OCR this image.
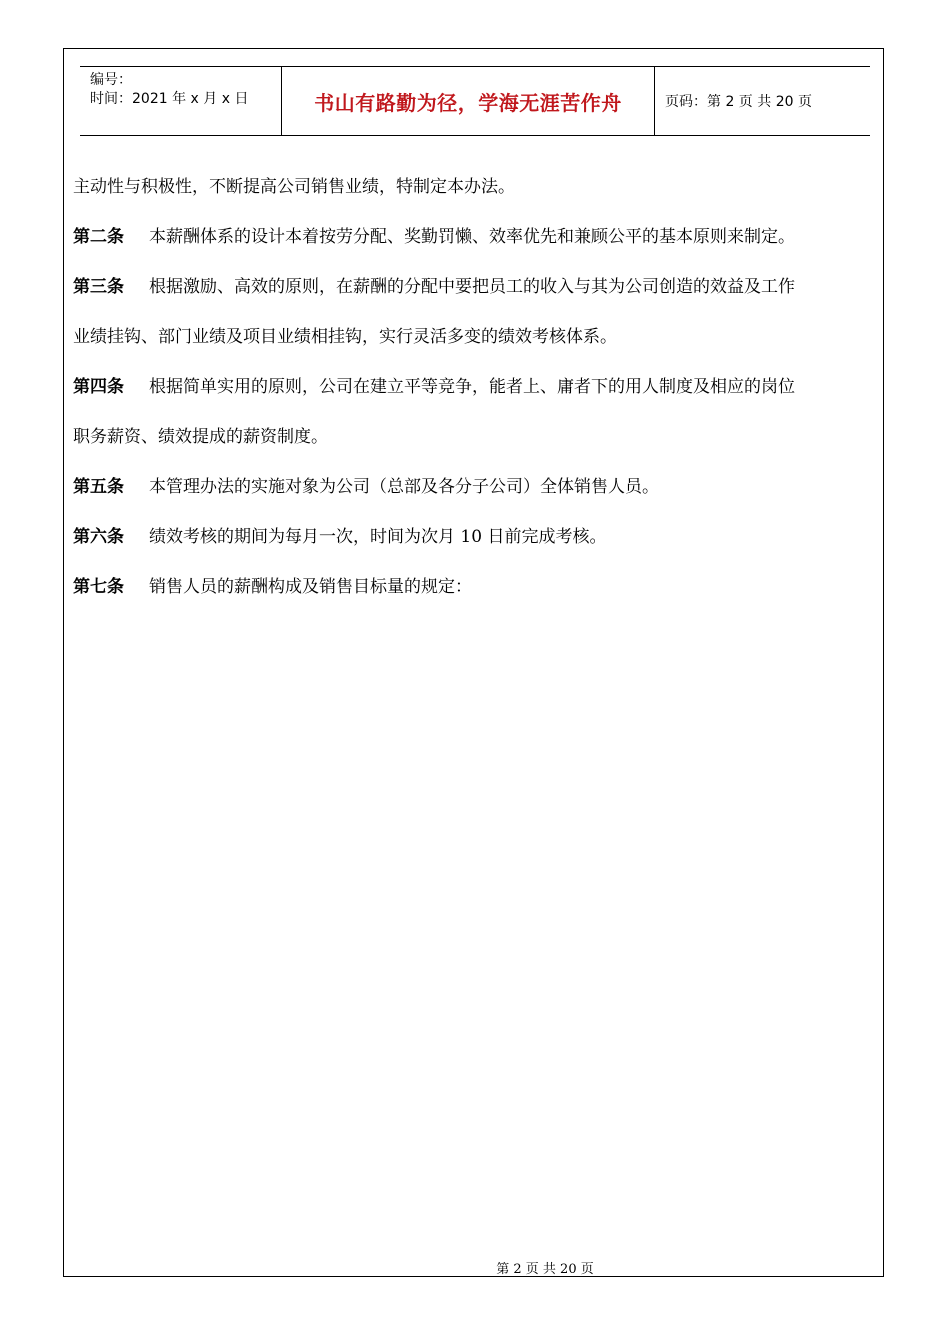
编号：
时间：2021 年 x 月 x 日	书山有路勤为径，学海无涯苦作舟	页码：第 2 页 共 20 页

主动性与积极性，不断提高公司销售业绩，特制定本办法。

第二条 本薪酬体系的设计本着按劳分配、奖勤罚懒、效率优先和兼顾公平的基本原则来制定。

第三条 根据激励、高效的原则，在薪酬的分配中要把员工的收入与其为公司创造的效益及工作

业绩挂钩、部门业绩及项目业绩相挂钩，实行灵活多变的绩效考核体系。

第四条 根据简单实用的原则，公司在建立平等竞争，能者上、庸者下的用人制度及相应的岗位

职务薪资、绩效提成的薪资制度。

第五条 本管理办法的实施对象为公司（总部及各分子公司）全体销售人员。

第六条 绩效考核的期间为每月一次，时间为次月 10 日前完成考核。

第七条 销售人员的薪酬构成及销售目标量的规定：

第 2 页 共 20 页
